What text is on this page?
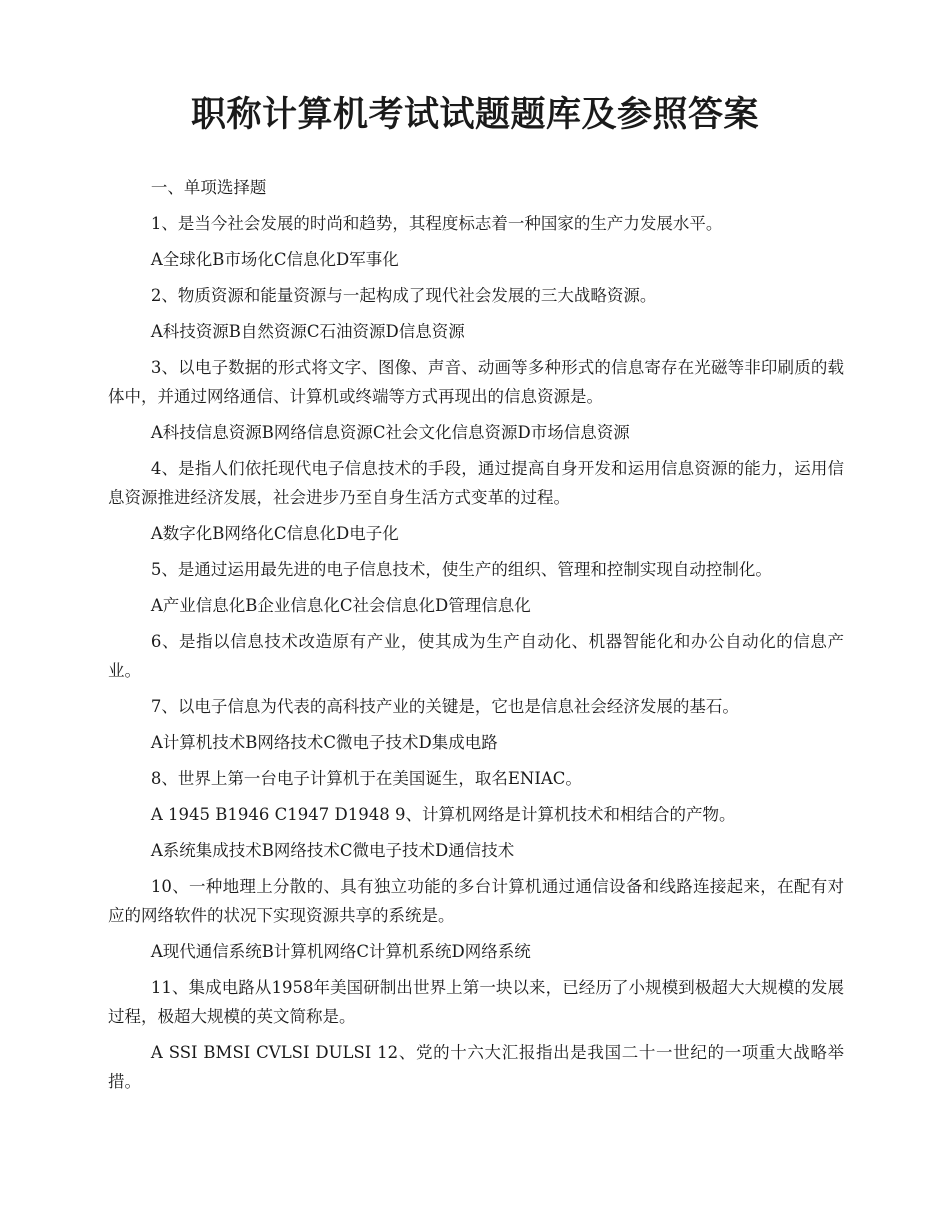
职称计算机考试试题题库及参照答案

一、单项选择题

1、是当今社会发展的时尚和趋势，其程度标志着一种国家的生产力发展水平。

A全球化B市场化C信息化D军事化

2、物质资源和能量资源与一起构成了现代社会发展的三大战略资源。

A科技资源B自然资源C石油资源D信息资源

3、以电子数据的形式将文字、图像、声音、动画等多种形式的信息寄存在光磁等非印刷质的载体中，并通过网络通信、计算机或终端等方式再现出的信息资源是。

A科技信息资源B网络信息资源C社会文化信息资源D市场信息资源

4、是指人们依托现代电子信息技术的手段，通过提高自身开发和运用信息资源的能力，运用信息资源推进经济发展，社会进步乃至自身生活方式变革的过程。

A数字化B网络化C信息化D电子化

5、是通过运用最先进的电子信息技术，使生产的组织、管理和控制实现自动控制化。

A产业信息化B企业信息化C社会信息化D管理信息化

6、是指以信息技术改造原有产业，使其成为生产自动化、机器智能化和办公自动化的信息产业。

7、以电子信息为代表的高科技产业的关键是，它也是信息社会经济发展的基石。

A计算机技术B网络技术C微电子技术D集成电路

8、世界上第一台电子计算机于在美国诞生，取名ENIAC。

A 1945 B1946 C1947 D1948 9、计算机网络是计算机技术和相结合的产物。

A系统集成技术B网络技术C微电子技术D通信技术

10、一种地理上分散的、具有独立功能的多台计算机通过通信设备和线路连接起来，在配有对应的网络软件的状况下实现资源共享的系统是。

A现代通信系统B计算机网络C计算机系统D网络系统

11、集成电路从1958年美国研制出世界上第一块以来，已经历了小规模到极超大大规模的发展过程，极超大规模的英文简称是。

A SSI BMSI CVLSI DULSI 12、党的十六大汇报指出是我国二十一世纪的一项重大战略举措。
